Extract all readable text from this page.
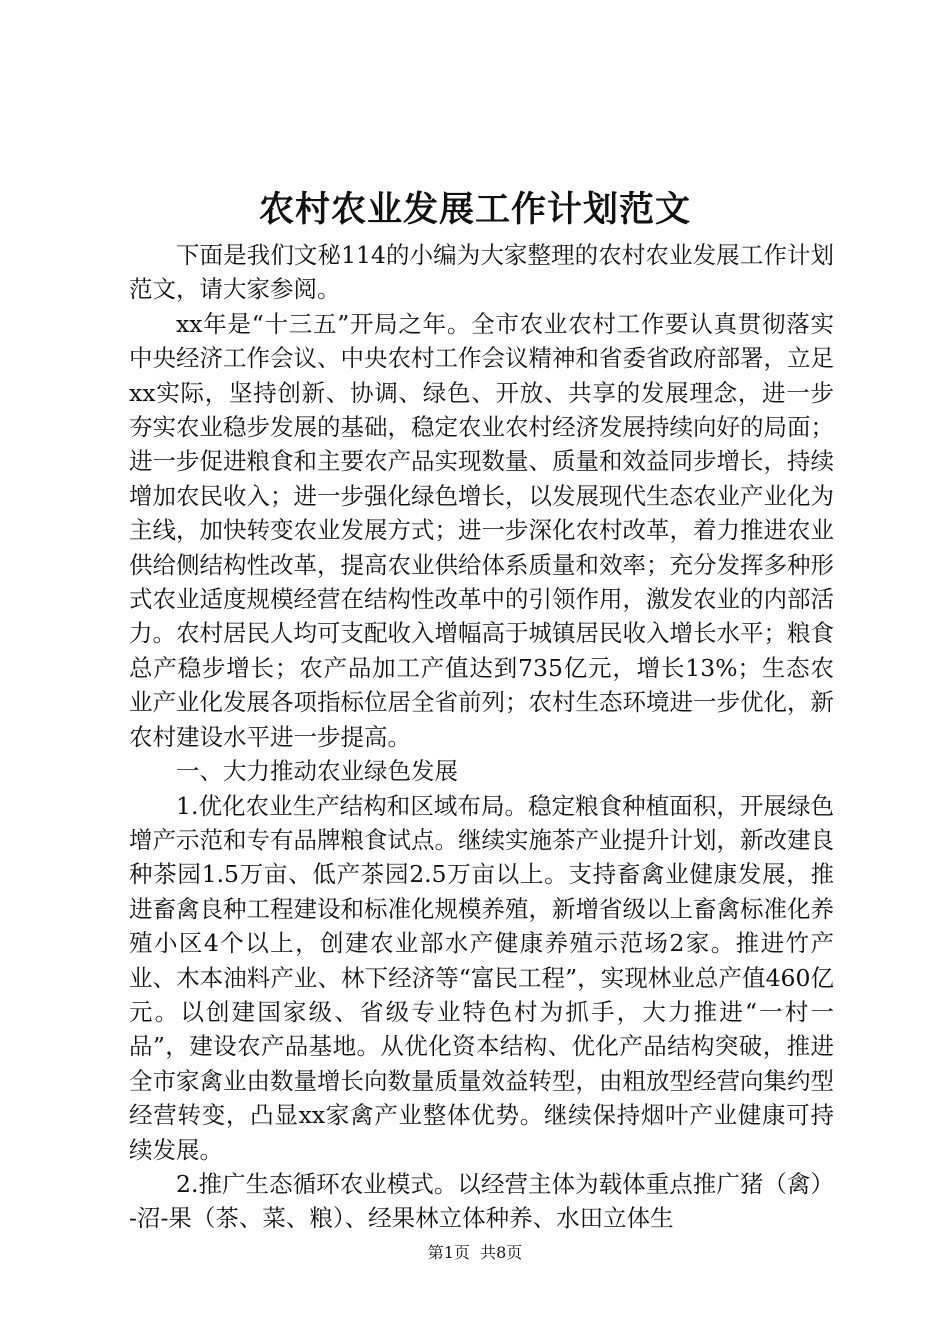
农村农业发展工作计划范文

下面是我们文秘114的小编为大家整理的农村农业发展工作计划范文，请大家参阅。

xx年是“十三五”开局之年。全市农业农村工作要认真贯彻落实中央经济工作会议、中央农村工作会议精神和省委省政府部署，立足xx实际，坚持创新、协调、绿色、开放、共享的发展理念，进一步夯实农业稳步发展的基础，稳定农业农村经济发展持续向好的局面；进一步促进粮食和主要农产品实现数量、质量和效益同步增长，持续增加农民收入；进一步强化绿色增长，以发展现代生态农业产业化为主线，加快转变农业发展方式；进一步深化农村改革，着力推进农业供给侧结构性改革，提高农业供给体系质量和效率；充分发挥多种形式农业适度规模经营在结构性改革中的引领作用，激发农业的内部活力。农村居民人均可支配收入增幅高于城镇居民收入增长水平；粮食总产稳步增长；农产品加工产值达到735亿元，增长13%；生态农业产业化发展各项指标位居全省前列；农村生态环境进一步优化，新农村建设水平进一步提高。

一、大力推动农业绿色发展

1.优化农业生产结构和区域布局。稳定粮食种植面积，开展绿色增产示范和专有品牌粮食试点。继续实施茶产业提升计划，新改建良种茶园1.5万亩、低产茶园2.5万亩以上。支持畜禽业健康发展，推进畜禽良种工程建设和标准化规模养殖，新增省级以上畜禽标准化养殖小区4个以上，创建农业部水产健康养殖示范场2家。推进竹产业、木本油料产业、林下经济等“富民工程”，实现林业总产值460亿元。以创建国家级、省级专业特色村为抓手，大力推进“一村一品”，建设农产品基地。从优化资本结构、优化产品结构突破，推进全市家禽业由数量增长向数量质量效益转型，由粗放型经营向集约型经营转变，凸显xx家禽产业整体优势。继续保持烟叶产业健康可持续发展。

2.推广生态循环农业模式。以经营主体为载体重点推广猪（禽）-沼-果（茶、菜、粮）、经果林立体种养、水田立体生

第1页 共8页
